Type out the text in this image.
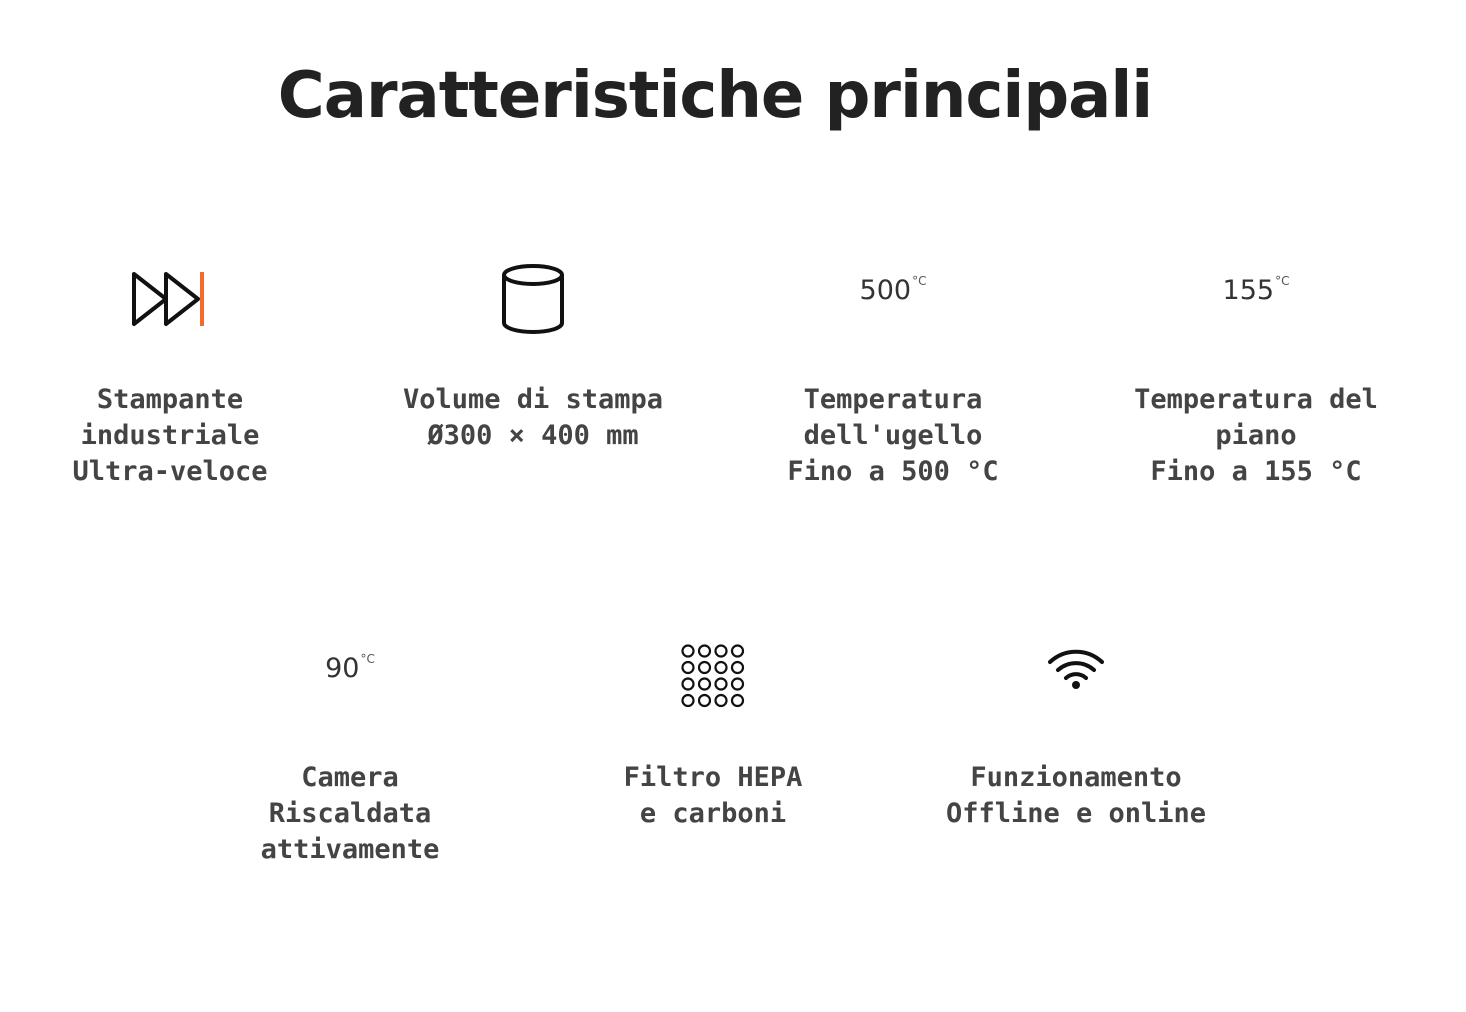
Caratteristiche principali
Stampante
industriale
Ultra-veloce
Volume di stampa
Ø300 × 400 mm
$500^{^\circ C}$
Temperatura
dell'ugello
Fino a 500 °C
$155^{^\circ C}$
Temperatura del
piano
Fino a 155 °C
$90^{^\circ C}$
Camera
Riscaldata
attivamente
Filtro HEPA
e carboni
Funzionamento
Offline e online
